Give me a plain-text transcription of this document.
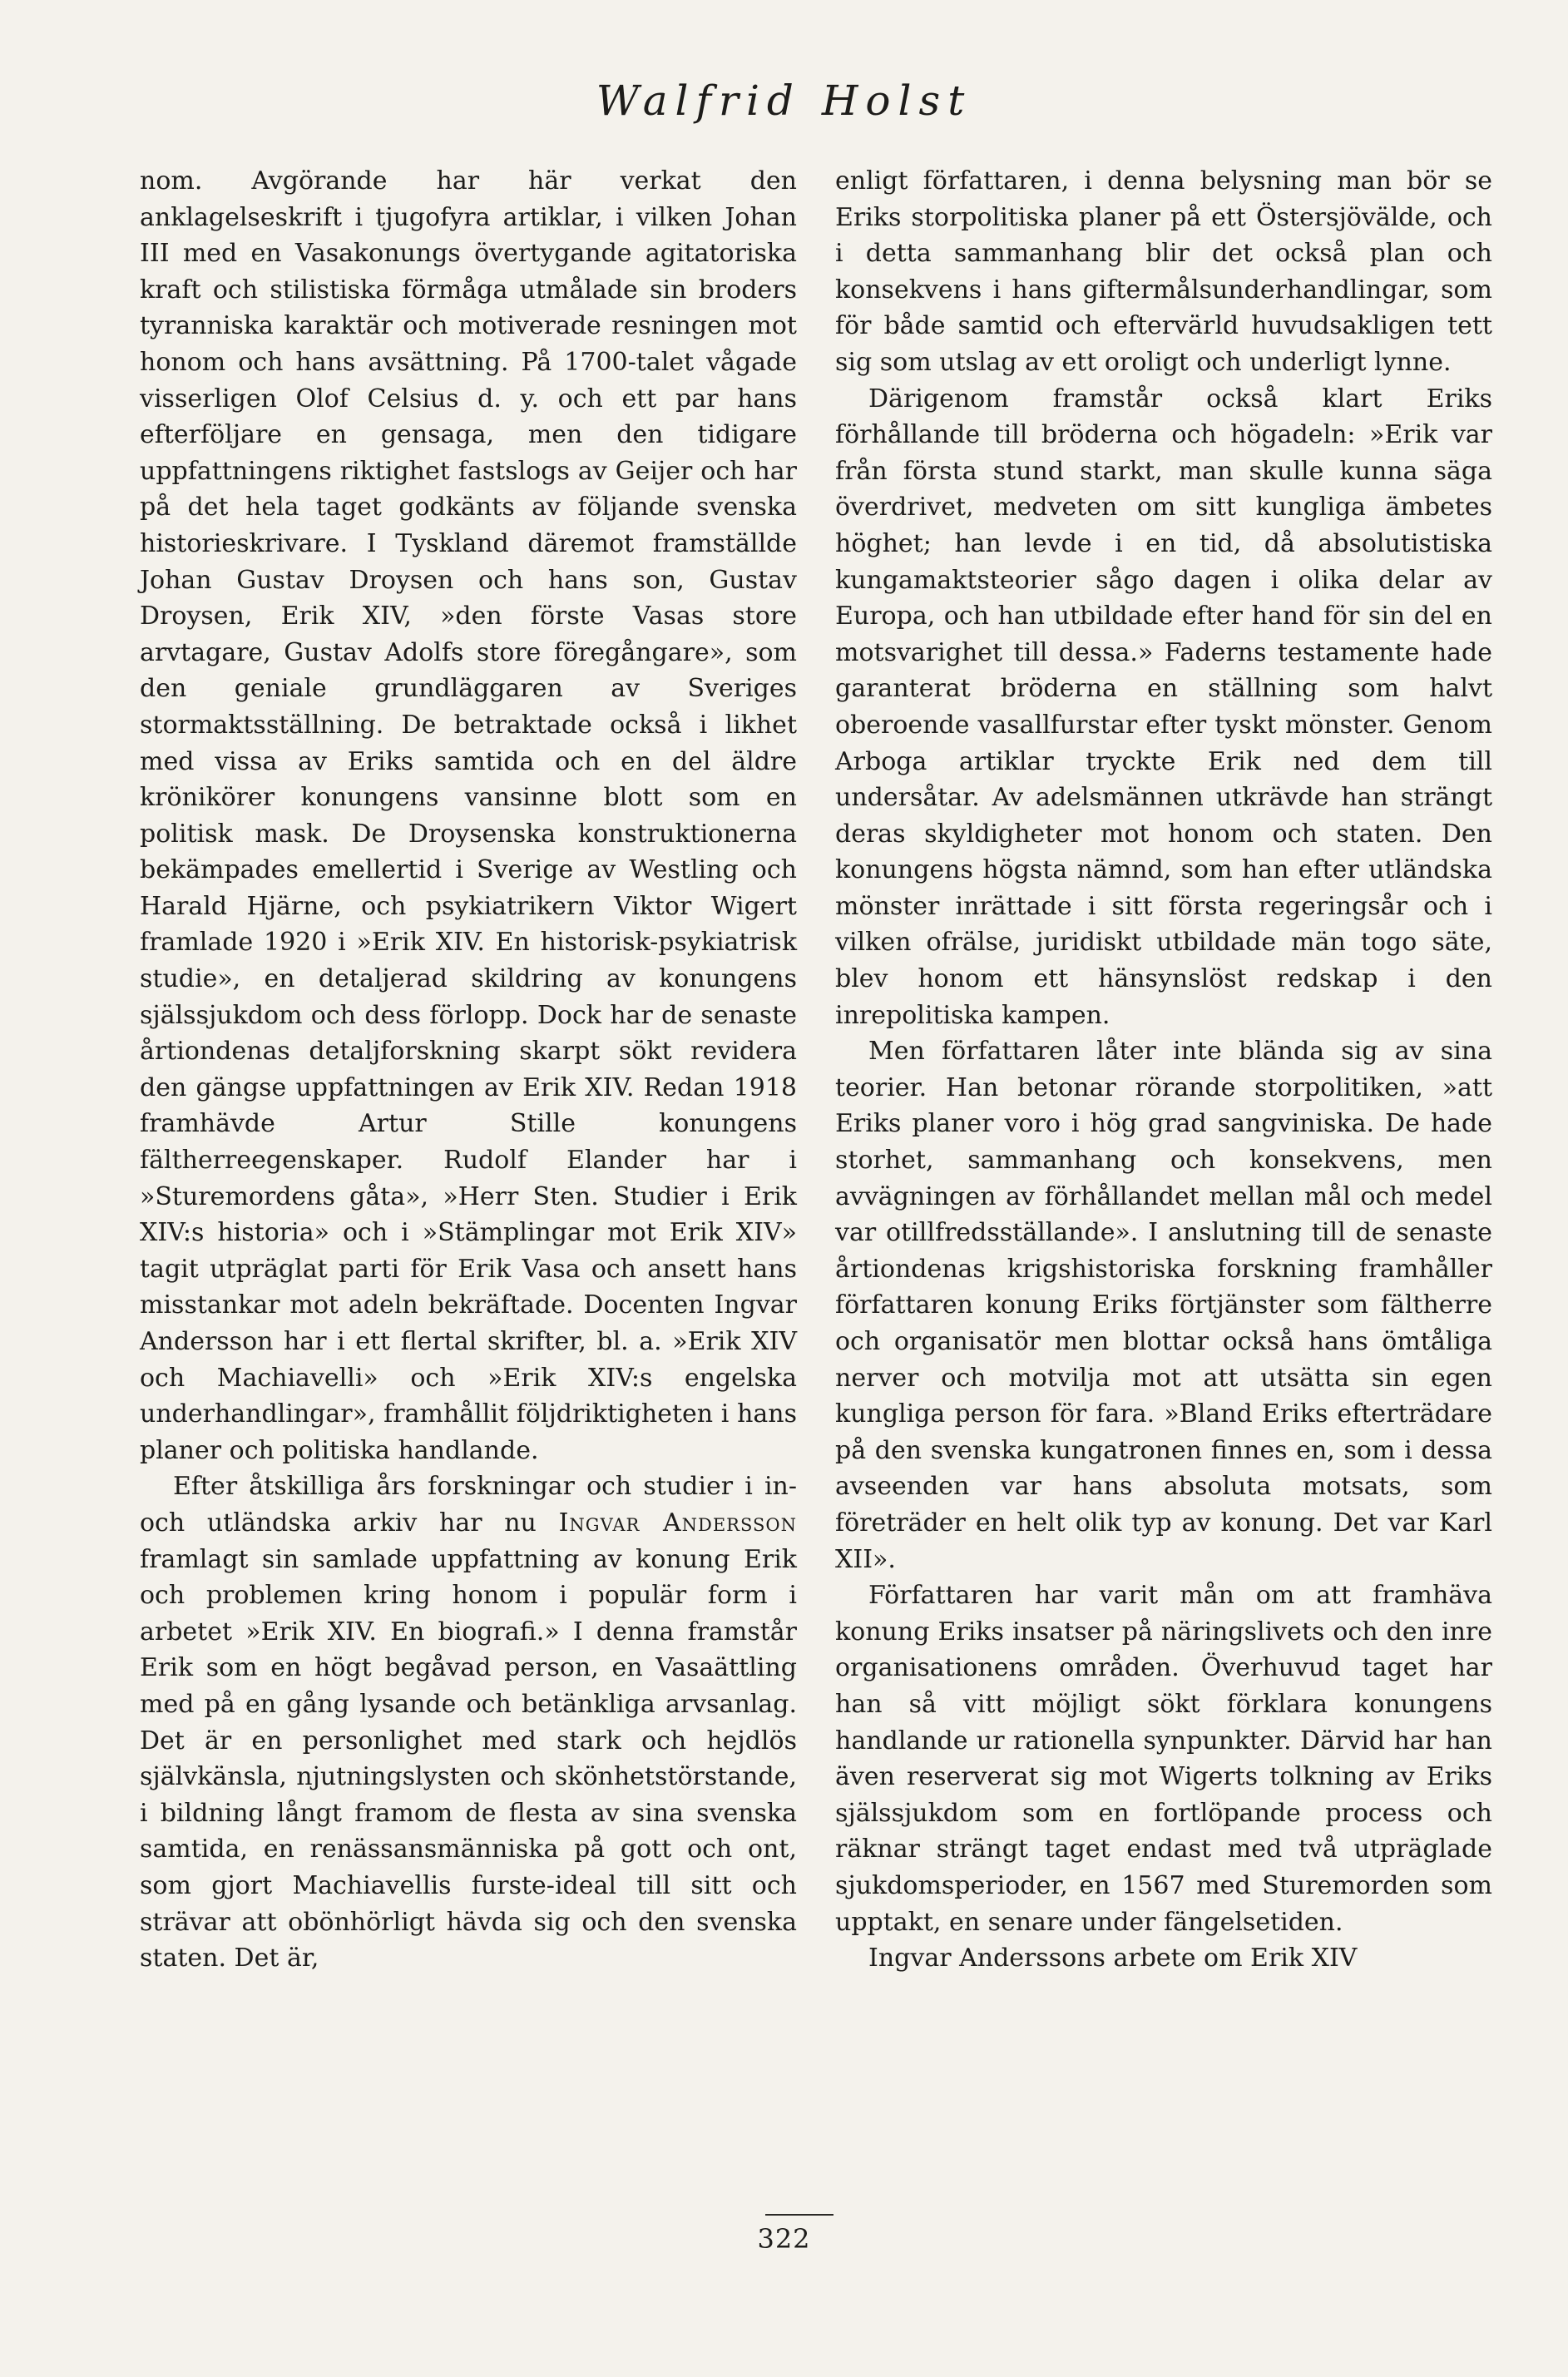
Walfrid Holst

nom. Avgörande har här verkat den anklagelseskrift i tjugofyra artiklar, i vilken Johan III med en Vasakonungs övertygande agitatoriska kraft och stilistiska förmåga utmålade sin broders tyranniska karaktär och motiverade resningen mot honom och hans avsättning. På 1700-talet vågade visserligen Olof Celsius d. y. och ett par hans efterföljare en gensaga, men den tidigare uppfattningens riktighet fastslogs av Geijer och har på det hela taget godkänts av följande svenska historieskrivare. I Tyskland däremot framställde Johan Gustav Droysen och hans son, Gustav Droysen, Erik XIV, »den förste Vasas store arvtagare, Gustav Adolfs store föregångare», som den geniale grundläggaren av Sveriges stormaktsställning. De betraktade också i likhet med vissa av Eriks samtida och en del äldre krönikörer konungens vansinne blott som en politisk mask. De Droysenska konstruktionerna bekämpades emellertid i Sverige av Westling och Harald Hjärne, och psykiatrikern Viktor Wigert framlade 1920 i »Erik XIV. En historisk-psykiatrisk studie», en detaljerad skildring av konungens själssjukdom och dess förlopp. Dock har de senaste årtiondenas detaljforskning skarpt sökt revidera den gängse uppfattningen av Erik XIV. Redan 1918 framhävde Artur Stille konungens fältherreegenskaper. Rudolf Elander har i »Sturemordens gåta», »Herr Sten. Studier i Erik XIV:s historia» och i »Stämplingar mot Erik XIV» tagit utpräglat parti för Erik Vasa och ansett hans misstankar mot adeln bekräftade. Docenten Ingvar Andersson har i ett flertal skrifter, bl. a. »Erik XIV och Machiavelli» och »Erik XIV:s engelska underhandlingar», framhållit följdriktigheten i hans planer och politiska handlande.

Efter åtskilliga års forskningar och studier i in- och utländska arkiv har nu Ingvar Andersson framlagt sin samlade uppfattning av konung Erik och problemen kring honom i populär form i arbetet »Erik XIV. En biografi.» I denna framstår Erik som en högt begåvad person, en Vasaättling med på en gång lysande och betänkliga arvsanlag. Det är en personlighet med stark och hejdlös självkänsla, njutningslysten och skönhetstörstande, i bildning långt framom de flesta av sina svenska samtida, en renässansmänniska på gott och ont, som gjort Machiavellis furste-ideal till sitt och strävar att obönhörligt hävda sig och den svenska staten. Det är,

enligt författaren, i denna belysning man bör se Eriks storpolitiska planer på ett Östersjövälde, och i detta sammanhang blir det också plan och konsekvens i hans giftermålsunderhandlingar, som för både samtid och eftervärld huvudsakligen tett sig som utslag av ett oroligt och underligt lynne.

Därigenom framstår också klart Eriks förhållande till bröderna och högadeln: »Erik var från första stund starkt, man skulle kunna säga överdrivet, medveten om sitt kungliga ämbetes höghet; han levde i en tid, då absolutistiska kungamaktsteorier sågo dagen i olika delar av Europa, och han utbildade efter hand för sin del en motsvarighet till dessa.» Faderns testamente hade garanterat bröderna en ställning som halvt oberoende vasallfurstar efter tyskt mönster. Genom Arboga artiklar tryckte Erik ned dem till undersåtar. Av adelsmännen utkrävde han strängt deras skyldigheter mot honom och staten. Den konungens högsta nämnd, som han efter utländska mönster inrättade i sitt första regeringsår och i vilken ofrälse, juridiskt utbildade män togo säte, blev honom ett hänsynslöst redskap i den inrepolitiska kampen.

Men författaren låter inte blända sig av sina teorier. Han betonar rörande storpolitiken, »att Eriks planer voro i hög grad sangviniska. De hade storhet, sammanhang och konsekvens, men avvägningen av förhållandet mellan mål och medel var otillfredsställande». I anslutning till de senaste årtiondenas krigshistoriska forskning framhåller författaren konung Eriks förtjänster som fältherre och organisatör men blottar också hans ömtåliga nerver och motvilja mot att utsätta sin egen kungliga person för fara. »Bland Eriks efterträdare på den svenska kungatronen finnes en, som i dessa avseenden var hans absoluta motsats, som företräder en helt olik typ av konung. Det var Karl XII».

Författaren har varit mån om att framhäva konung Eriks insatser på näringslivets och den inre organisationens områden. Överhuvud taget har han så vitt möjligt sökt förklara konungens handlande ur rationella synpunkter. Därvid har han även reserverat sig mot Wigerts tolkning av Eriks själssjukdom som en fortlöpande process och räknar strängt taget endast med två utpräglade sjukdomsperioder, en 1567 med Sturemorden som upptakt, en senare under fängelsetiden.

Ingvar Anderssons arbete om Erik XIV

322
